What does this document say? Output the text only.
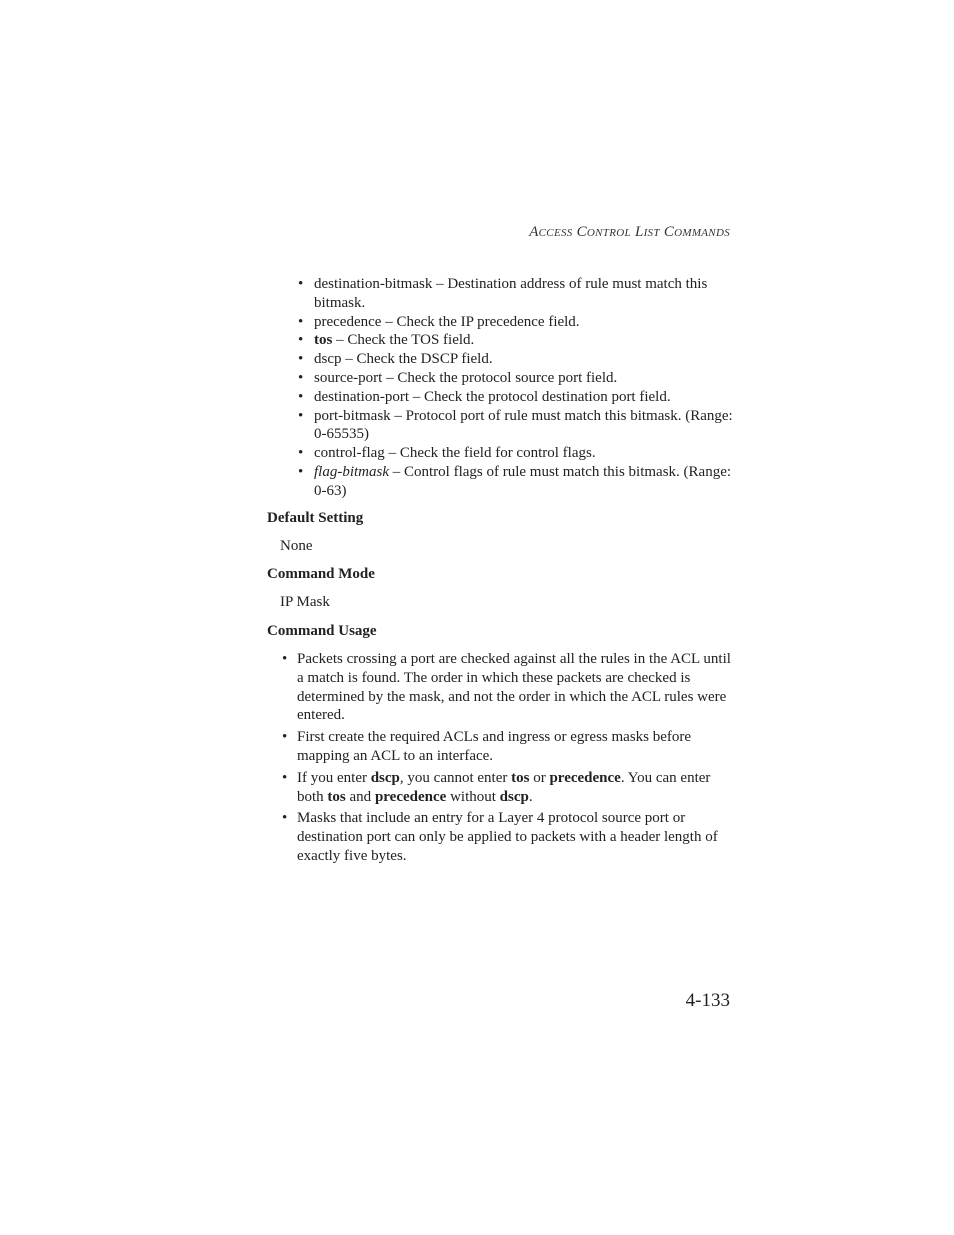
Access Control List Commands
• destination-bitmask – Destination address of rule must match this bitmask.
• precedence – Check the IP precedence field.
• tos – Check the TOS field.
• dscp – Check the DSCP field.
• source-port – Check the protocol source port field.
• destination-port – Check the protocol destination port field.
• port-bitmask – Protocol port of rule must match this bitmask. (Range: 0-65535)
• control-flag – Check the field for control flags.
• flag-bitmask – Control flags of rule must match this bitmask. (Range: 0-63)
Default Setting

None

Command Mode

IP Mask

Command Usage
• Packets crossing a port are checked against all the rules in the ACL until a match is found. The order in which these packets are checked is determined by the mask, and not the order in which the ACL rules were entered.
• First create the required ACLs and ingress or egress masks before mapping an ACL to an interface.
• If you enter dscp, you cannot enter tos or precedence. You can enter both tos and precedence without dscp.
• Masks that include an entry for a Layer 4 protocol source port or destination port can only be applied to packets with a header length of exactly five bytes.
4-133
